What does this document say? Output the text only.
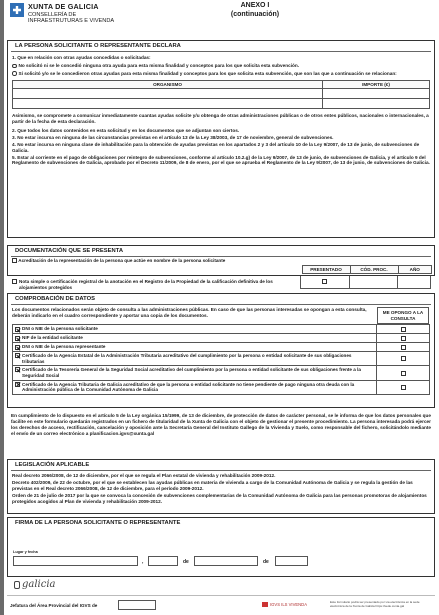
XUNTA DE GALICIA
CONSELLERÍA DE
INFRAESTRUTURAS E VIVENDA
ANEXO I
(continuación)
LA PERSONA SOLICITANTE O REPRESENTANTE DECLARA
1. Que en relación con otras ayudas concedidas o solicitadas:
No solicitó ni se le concedió ninguna otra ayuda para esta misma finalidad y conceptos para los que solicita esta subvención.
Sí solicitó y/o se le concedieron otras ayudas para esta misma finalidad y conceptos para los que solicita esta subvención, que son las que a continuación se relacionan:
ORGANISMO	IMPORTE (€)

Asimismo, se compromete a comunicar inmediatamente cuantas ayudas solicite y/u obtenga de otras administraciones públicas o de otros entes públicos, nacionales o internacionales, a partir de la fecha de esta declaración.
2. Que todos los datos contenidos en esta solicitud y en los documentos que se adjuntan son ciertos.
3. No estar incursa en ninguna de las circunstancias previstas en el artículo 13 de la Ley 38/2003, de 17 de noviembre, general de subvenciones.
4. No estar incursa en ninguna clase de inhabilitación para la obtención de ayudas previstas en los apartados 2 y 3 del artículo 10 de la Ley 9/2007, de 13 de junio, de subvenciones de Galicia.
5. Estar al corriente en el pago de obligaciones por reintegro de subvenciones, conforme al artículo 10.2.g) de la Ley 9/2007, de 13 de junio, de subvenciones de Galicia, y el artículo 9 del Reglamento de subvenciones de Galicia, aprobado por el Decreto 11/2009, de 8 de enero, por el que se aprueba el Reglamento de la Ley 9/2007, de 13 de junio, de subvenciones de Galicia.
DOCUMENTACIÓN QUE SE PRESENTA
Acreditación de la representación de la persona que actúe en nombre de la persona solicitante
	PRESENTADO	CÓD. PROC.	AÑO
Nota simple o certificación registral de la anotación en el Registro de la Propiedad de la calificación definitiva de los alojamientos protegidos
COMPROBACIÓN DE DATOS
Los documentos relacionados serán objeto de consulta a las administraciones públicas. En caso de que las personas interesadas se opongan a esta consulta, deberán indicarlo en el cuadro correspondiente y aportar una copia de los documentos.
ME OPONGO A LA CONSULTA
DNI o NIE de la persona solicitante
NIF de la entidad solicitante
DNI o NIE de la persona representante
Certificado de la Agencia Estatal de la Administración Tributaria acreditativo del cumplimiento por la persona o entidad solicitante de sus obligaciones tributarias
Certificado de la Tesorería General de la Seguridad Social acreditativo del cumplimiento por la persona o entidad solicitante de sus obligaciones frente a la Seguridad Social
Certificado de la Agencia Tributaria de Galicia acreditativo de que la persona o entidad solicitante no tiene pendiente de pago ninguna otra deuda con la Administración pública de la Comunidad Autónoma de Galicia
En cumplimiento de lo dispuesto en el artículo 5 de la Ley orgánica 15/1999, de 13 de diciembre, de protección de datos de carácter personal, se le informa de que los datos personales que facilite en este formulario quedarán registrados en un fichero de titularidad de la Xunta de Galicia con el objeto de gestionar el presente procedimiento. La persona interesada podrá ejercer los derechos de acceso, rectificación, cancelación y oposición ante la Secretaría General del Instituto Gallego de la Vivienda y Suelo, como responsable del fichero, solicitándolo mediante el envío de un correo electrónico a planificacion.igvs@xunta.gal
LEGISLACIÓN APLICABLE
Real decreto 2066/2008, de 12 de diciembre, por el que se regula el Plan estatal de vivienda y rehabilitación 2009-2012.
Decreto 402/2009, de 22 de octubre, por el que se establecen las ayudas públicas en materia de vivienda a cargo de la Comunidad Autónoma de Galicia y se regula la gestión de las previstas en el Real decreto 2066/2008, de 12 de diciembre, para el período 2009-2012.
Orden de 21 de julio de 2017 por la que se convoca la concesión de subvenciones complementarias de la Comunidad Autónoma de Galicia para las personas promotoras de alojamientos protegidos acogidos al Plan de vivienda y rehabilitación 2009-2012.
FIRMA DE LA PERSONA SOLICITANTE O REPRESENTANTE
Lugar y fecha
,	de	de
galicia
Jefatura del Área Provincial del IGVS de	IGVS ILS VIVENDA	Este formulario podrá ser presentado por vía electrónica en la sede electrónica de la Xunta de Galicia https://sede.xunta.gal
